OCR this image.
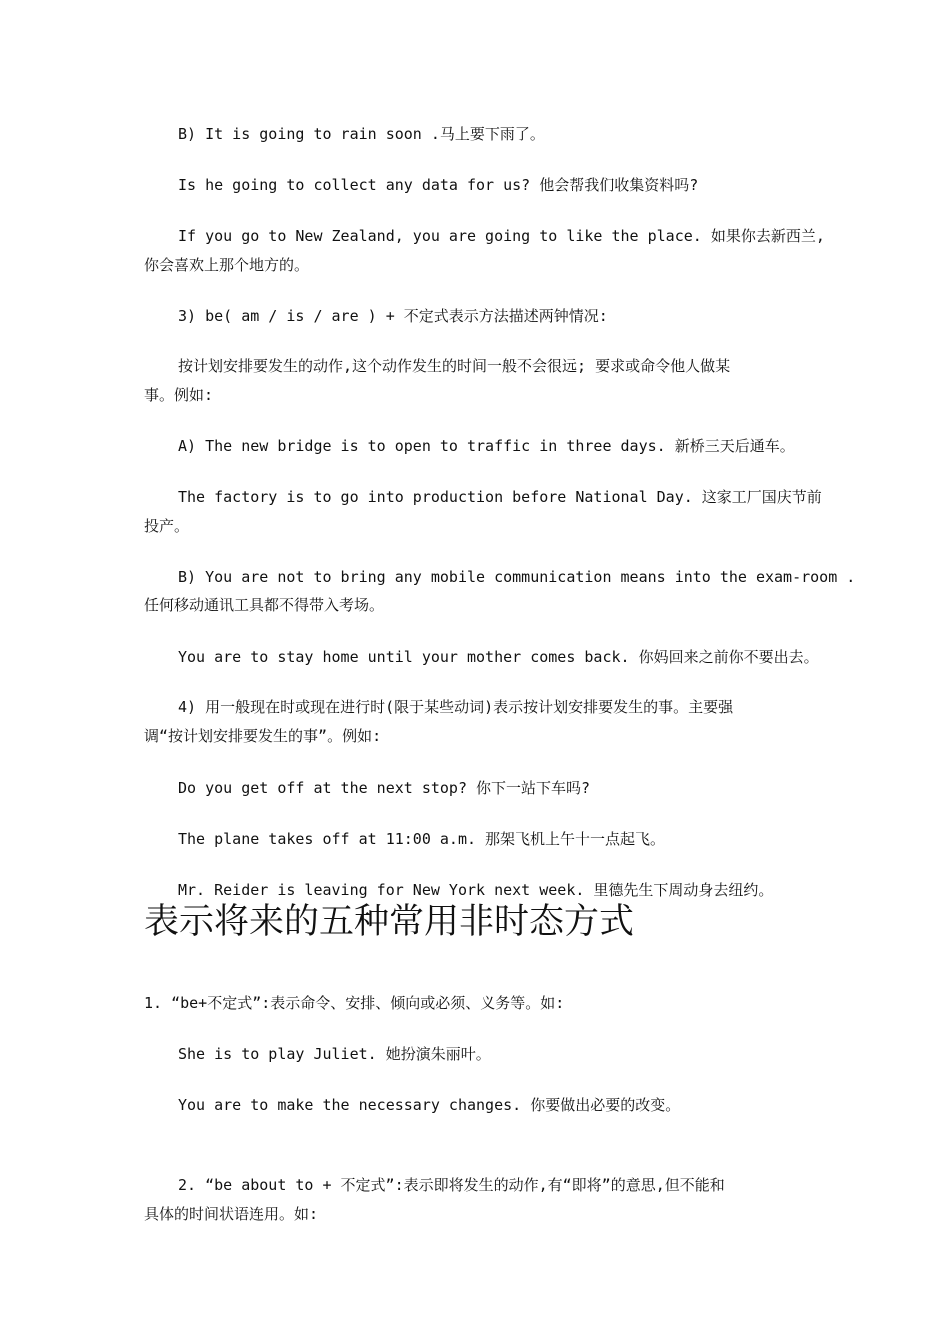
B) It is going to rain soon .马上要下雨了。
Is he going to collect any data for us? 他会帮我们收集资料吗?
If you go to New Zealand, you are going to like the place. 如果你去新西兰,
你会喜欢上那个地方的。
3) be( am / is / are ) + 不定式表示方法描述两钟情况:
按计划安排要发生的动作,这个动作发生的时间一般不会很远; 要求或命令他人做某
事。例如:
A) The new bridge is to open to traffic in three days. 新桥三天后通车。
The factory is to go into production before National Day. 这家工厂国庆节前
投产。
B) You are not to bring any mobile communication means into the exam-room .
任何移动通讯工具都不得带入考场。
You are to stay home until your mother comes back. 你妈回来之前你不要出去。
4) 用一般现在时或现在进行时(限于某些动词)表示按计划安排要发生的事。主要强
调“按计划安排要发生的事”。例如:
Do you get off at the next stop? 你下一站下车吗?
The plane takes off at 11:00 a.m. 那架飞机上午十一点起飞。
Mr. Reider is leaving for New York next week. 里德先生下周动身去纽约。
表示将来的五种常用非时态方式
1. “be+不定式”:表示命令、安排、倾向或必须、义务等。如:
She is to play Juliet. 她扮演朱丽叶。
You are to make the necessary changes. 你要做出必要的改变。
2. “be about to + 不定式”:表示即将发生的动作,有“即将”的意思,但不能和
具体的时间状语连用。如:
